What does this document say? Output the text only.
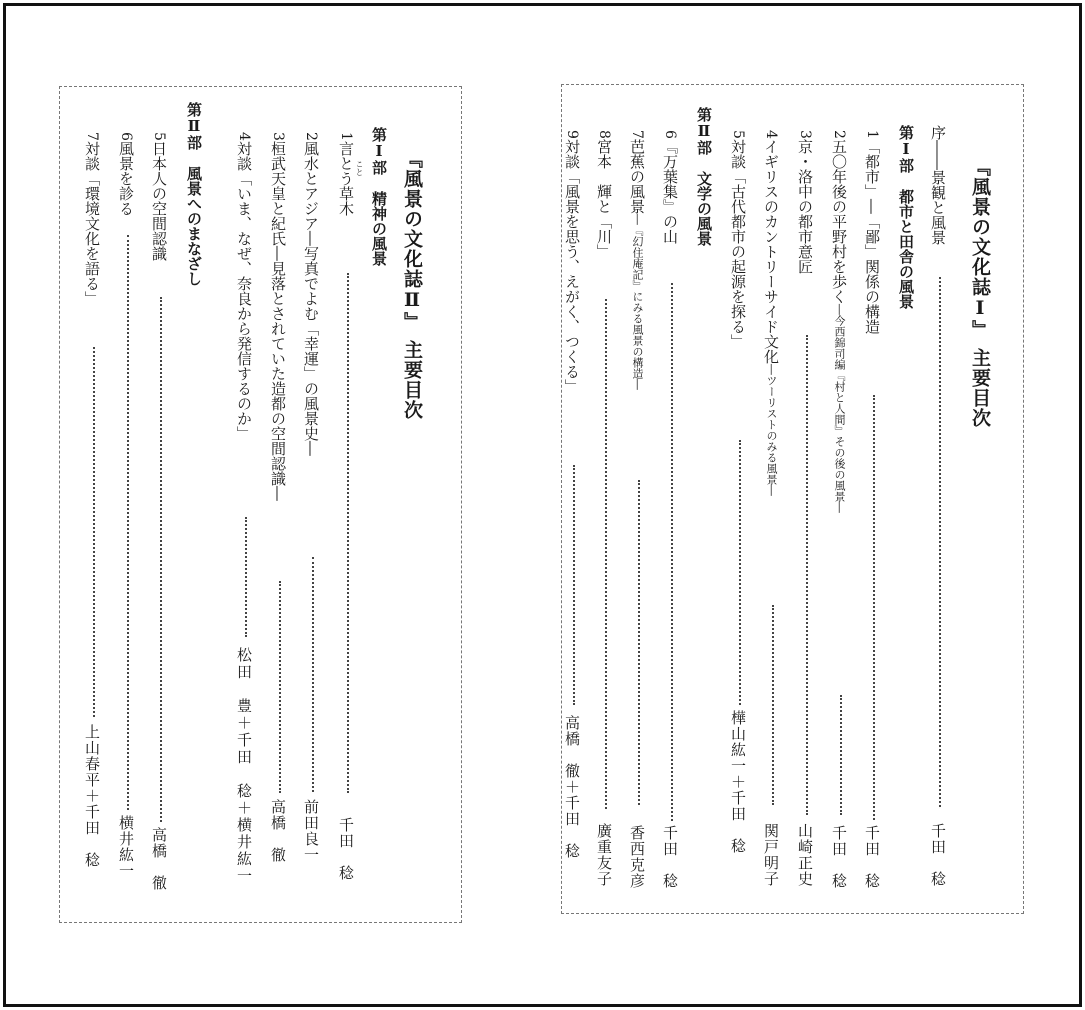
『風景の文化誌Ⅱ』 主要目次
第Ⅰ部精神の風景
1言とう草木 こと
千田　稔
2風水とアジア―写真でよむ「幸運」の風景史―
前田良一
3桓武天皇と紀氏―見落とされていた造都の空間認識―
高橋　徹
4対談「いま、なぜ、奈良から発信するのか」
松田　豊＋千田　稔＋横井紘一
第Ⅱ部風景へのまなざし
5日本人の空間認識
高橋　徹
6風景を診る
横井紘一
7対談「環境文化を語る」
上山春平＋千田　稔
『風景の文化誌Ⅰ』 主要目次
序――景観と風景
千田　稔
第Ⅰ部都市と田舎の風景
1「都市」―「鄙」関係の構造
千田　稔
2五〇年後の平野村を歩く―今西錦司編『村と人間』その後の風景―
千田　稔
3京・洛中の都市意匠
山崎正史
4イギリスのカントリーサイド文化―ツーリストのみる風景―
関戸明子
5対談「古代都市の起源を探る」
樺山紘一＋千田　稔
第Ⅱ部文学の風景
6『万葉集』の山
千田　稔
7芭蕉の風景―『幻住庵記』にみる風景の構造―
香西克彦
8宮本　輝と「川」
廣重友子
9対談「風景を思う、えがく、つくる」
高橋　徹＋千田　稔
